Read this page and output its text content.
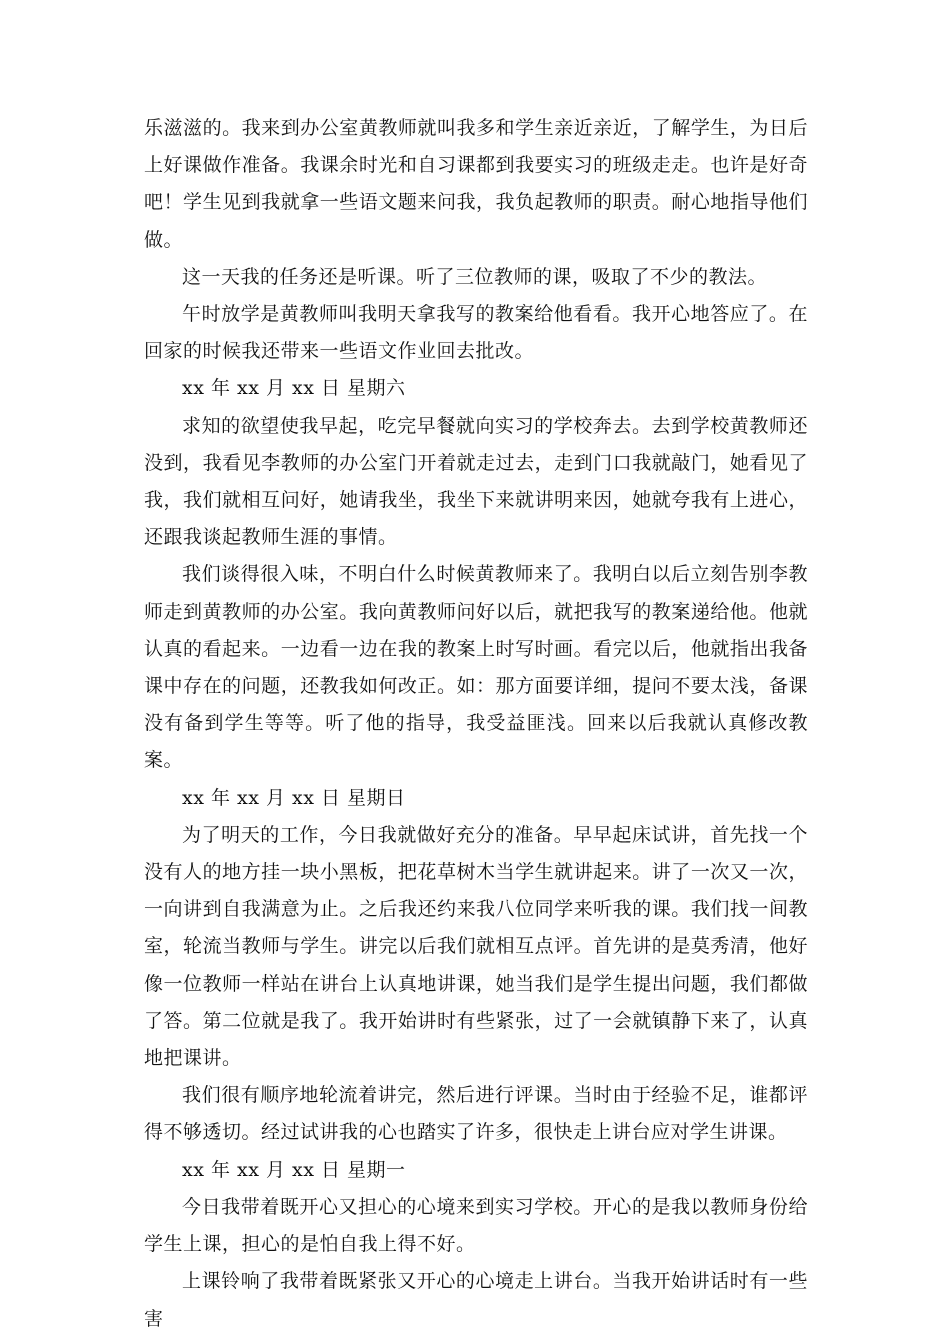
乐滋滋的。我来到办公室黄教师就叫我多和学生亲近亲近，了解学生，为日后上好课做作准备。我课余时光和自习课都到我要实习的班级走走。也许是好奇吧！学生见到我就拿一些语文题来问我，我负起教师的职责。耐心地指导他们做。

这一天我的任务还是听课。听了三位教师的课，吸取了不少的教法。

午时放学是黄教师叫我明天拿我写的教案给他看看。我开心地答应了。在回家的时候我还带来一些语文作业回去批改。

xx 年 xx 月 xx 日 星期六

求知的欲望使我早起，吃完早餐就向实习的学校奔去。去到学校黄教师还没到，我看见李教师的办公室门开着就走过去，走到门口我就敲门，她看见了我，我们就相互问好，她请我坐，我坐下来就讲明来因，她就夸我有上进心，还跟我谈起教师生涯的事情。

我们谈得很入味，不明白什么时候黄教师来了。我明白以后立刻告别李教师走到黄教师的办公室。我向黄教师问好以后，就把我写的教案递给他。他就认真的看起来。一边看一边在我的教案上时写时画。看完以后，他就指出我备课中存在的问题，还教我如何改正。如：那方面要详细，提问不要太浅，备课没有备到学生等等。听了他的指导，我受益匪浅。回来以后我就认真修改教案。

xx 年 xx 月 xx 日 星期日

为了明天的工作，今日我就做好充分的准备。早早起床试讲，首先找一个没有人的地方挂一块小黑板，把花草树木当学生就讲起来。讲了一次又一次，一向讲到自我满意为止。之后我还约来我八位同学来听我的课。我们找一间教室，轮流当教师与学生。讲完以后我们就相互点评。首先讲的是莫秀清，他好像一位教师一样站在讲台上认真地讲课，她当我们是学生提出问题，我们都做了答。第二位就是我了。我开始讲时有些紧张，过了一会就镇静下来了，认真地把课讲。

我们很有顺序地轮流着讲完，然后进行评课。当时由于经验不足，谁都评得不够透切。经过试讲我的心也踏实了许多，很快走上讲台应对学生讲课。

xx 年 xx 月 xx 日 星期一

今日我带着既开心又担心的心境来到实习学校。开心的是我以教师身份给学生上课，担心的是怕自我上得不好。

上课铃响了我带着既紧张又开心的心境走上讲台。当我开始讲话时有一些害
